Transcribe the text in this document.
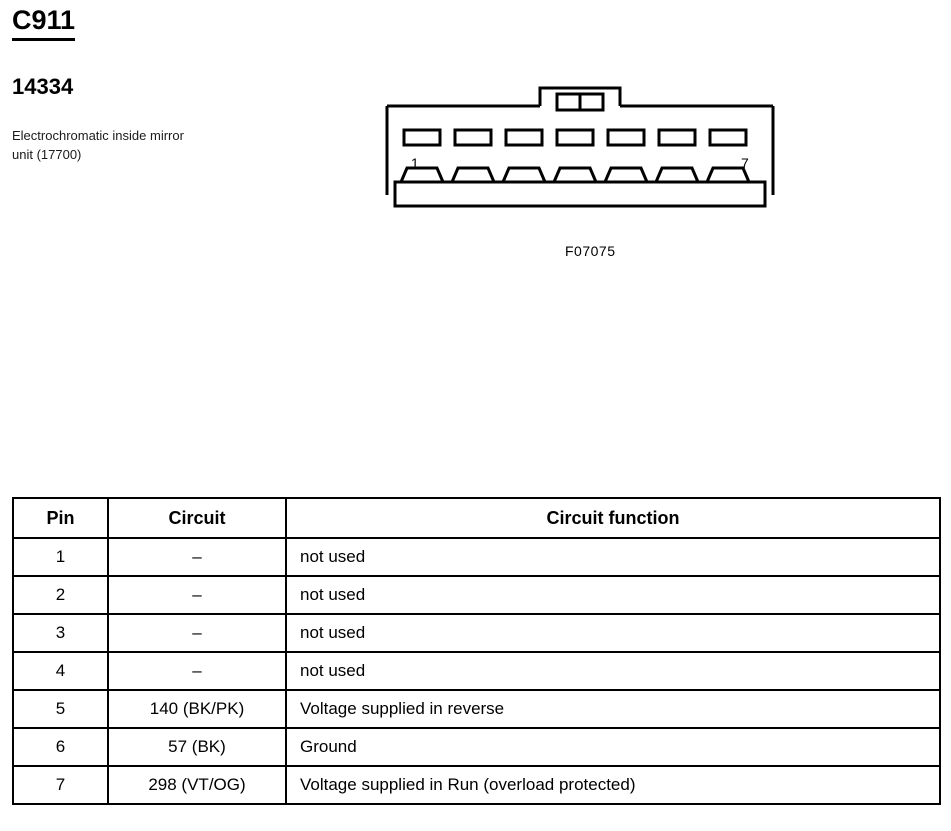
C911
14334
Electrochromatic inside mirror unit (17700)
1	7
F07075
Pin	Circuit	Circuit function
1	–	not used
2	–	not used
3	–	not used
4	–	not used
5	140 (BK/PK)	Voltage supplied in reverse
6	57 (BK)	Ground
7	298 (VT/OG)	Voltage supplied in Run (overload protected)
